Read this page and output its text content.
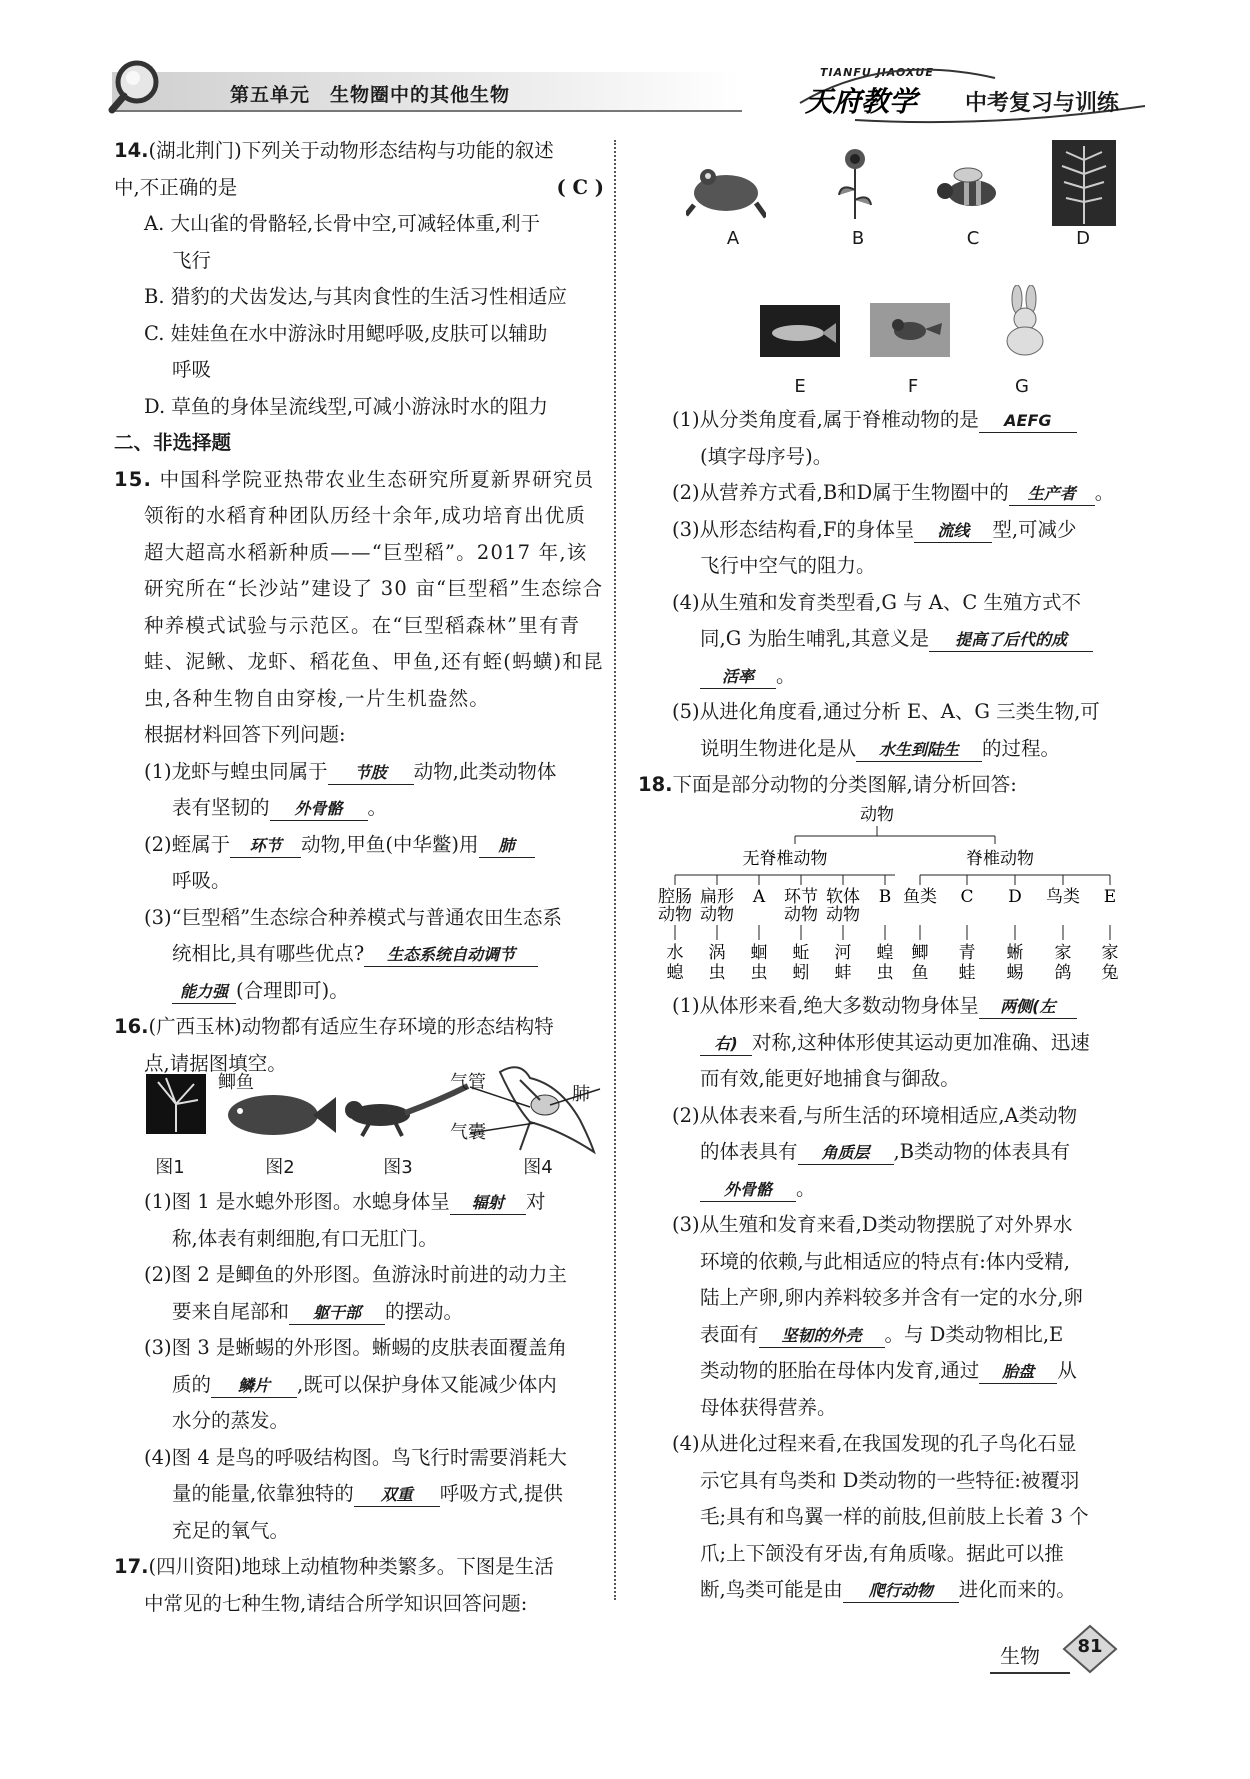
第五单元　生物圈中的其他生物
TIANFU JIAOXUE
天府教学 中考复习与训练

14.(湖北荆门)下列关于动物形态结构与功能的叙述

中,不正确的是	( C )

A. 大山雀的骨骼轻,长骨中空,可减轻体重,利于

飞行

B. 猎豹的犬齿发达,与其肉食性的生活习性相适应

C. 娃娃鱼在水中游泳时用鳃呼吸,皮肤可以辅助

呼吸

D. 草鱼的身体呈流线型,可减小游泳时水的阻力

二、非选择题

15. 中国科学院亚热带农业生态研究所夏新界研究员

领衔的水稻育种团队历经十余年,成功培育出优质

超大超高水稻新种质——“巨型稻”。2017 年,该

研究所在“长沙站”建设了 30 亩“巨型稻”生态综合

种养模式试验与示范区。在“巨型稻森林”里有青

蛙、泥鳅、龙虾、稻花鱼、甲鱼,还有蛭(蚂蟥)和昆

虫,各种生物自由穿梭,一片生机盎然。

根据材料回答下列问题:

(1)龙虾与蝗虫同属于 节肢 动物,此类动物体

表有坚韧的 外骨骼 。

(2)蛭属于 环节 动物,甲鱼(中华鳖)用 肺

呼吸。

(3)“巨型稻”生态综合种养模式与普通农田生态系

统相比,具有哪些优点? 生态系统自动调节

能力强 (合理即可)。

16.(广西玉林)动物都有适应生存环境的形态结构特

点,请据图填空。

鲫鱼	气管
肺
气囊
图1	图2	图3	图4

(1)图 1 是水螅外形图。水螅身体呈 辐射 对

称,体表有刺细胞,有口无肛门。

(2)图 2 是鲫鱼的外形图。鱼游泳时前进的动力主

要来自尾部和 躯干部 的摆动。

(3)图 3 是蜥蜴的外形图。蜥蜴的皮肤表面覆盖角

质的 鳞片 ,既可以保护身体又能减少体内

水分的蒸发。

(4)图 4 是鸟的呼吸结构图。鸟飞行时需要消耗大

量的能量,依靠独特的 双重 呼吸方式,提供

充足的氧气。

17.(四川资阳)地球上动植物种类繁多。下图是生活

中常见的七种生物,请结合所学知识回答问题:

A	B	C	D
E	F	G

(1)从分类角度看,属于脊椎动物的是 AEFG

(填字母序号)。

(2)从营养方式看,B和D属于生物圈中的 生产者 。

(3)从形态结构看,F的身体呈 流线 型,可减少

飞行中空气的阻力。

(4)从生殖和发育类型看,G 与 A、C 生殖方式不

同,G 为胎生哺乳,其意义是 提高了后代的成

活率 。

(5)从进化角度看,通过分析 E、A、G 三类生物,可

说明生物进化是从 水生到陆生 的过程。

18.下面是部分动物的分类图解,请分析回答:

动物
无脊椎动物	脊椎动物
腔肠
动物
水
螅
扁形
动物
涡
虫
A
蛔
虫
环节
动物
蚯
蚓
软体
动物
河
蚌
B
蝗
虫
鱼类
鲫
鱼
C
青
蛙
D
蜥
蜴
鸟类
家
鸽
E
家
兔

(1)从体形来看,绝大多数动物身体呈 两侧(左

右) 对称,这种体形使其运动更加准确、迅速

而有效,能更好地捕食与御敌。

(2)从体表来看,与所生活的环境相适应,A类动物

的体表具有 角质层 ,B类动物的体表具有

外骨骼 。

(3)从生殖和发育来看,D类动物摆脱了对外界水

环境的依赖,与此相适应的特点有:体内受精,

陆上产卵,卵内养料较多并含有一定的水分,卵

表面有 坚韧的外壳 。与 D类动物相比,E

类动物的胚胎在母体内发育,通过 胎盘 从

母体获得营养。

(4)从进化过程来看,在我国发现的孔子鸟化石显

示它具有鸟类和 D类动物的一些特征:被覆羽

毛;具有和鸟翼一样的前肢,但前肢上长着 3 个

爪;上下颌没有牙齿,有角质喙。据此可以推

断,鸟类可能是由 爬行动物 进化而来的。

生物	81
